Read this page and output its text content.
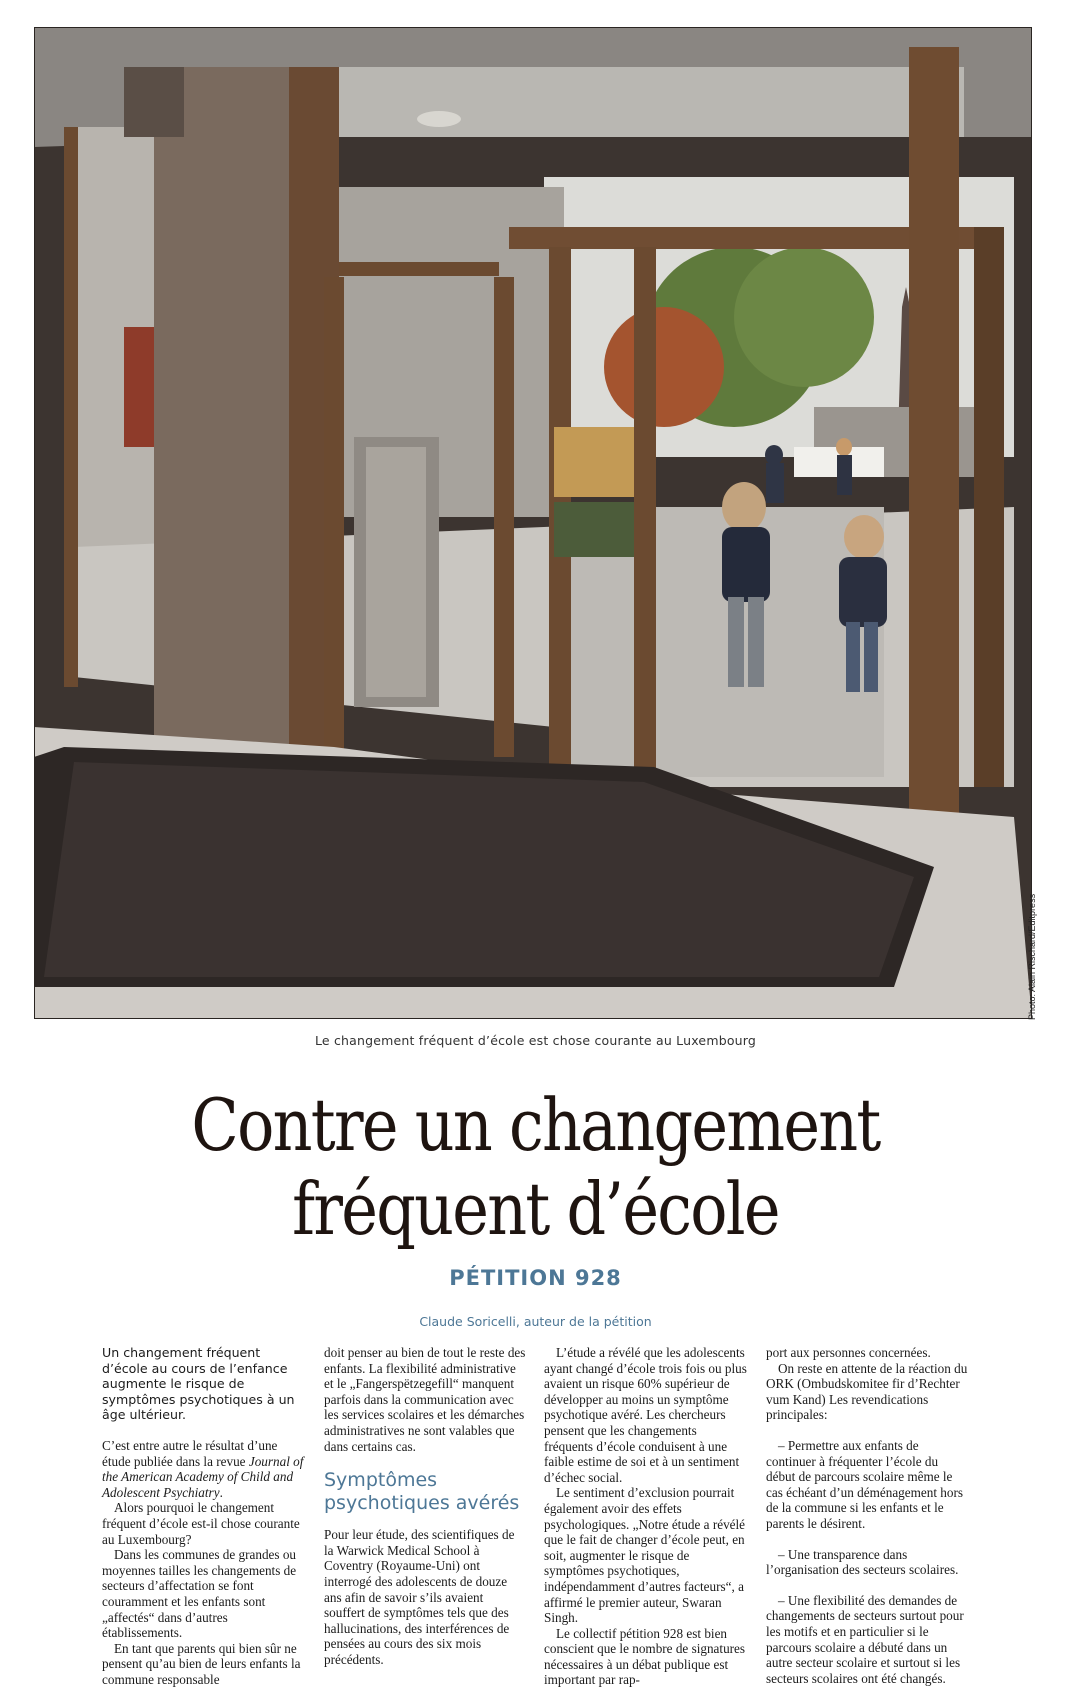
Photo: Alain Rischard/Editpress
Le changement fréquent d’école est chose courante au Luxembourg
Contre un changement
fréquent d’école
PÉTITION 928
Claude Soricelli, auteur de la pétition

Un changement fréquent d’école au cours de l’enfance augmente le risque de symptômes psychotiques à un âge ultérieur.

C’est entre autre le résultat d’une étude publiée dans la revue Journal of the American Academy of Child and Adolescent Psychiatry.

Alors pourquoi le changement fréquent d’école est-il chose courante au Luxembourg?

Dans les communes de grandes ou moyennes tailles les changements de secteurs d’affectation se font couramment et les enfants sont „affectés“ dans d’autres établissements.

En tant que parents qui bien sûr ne pensent qu’au bien de leurs enfants la commune responsable

doit penser au bien de tout le reste des enfants. La flexibilité administrative et le „Fangerspëtzegefill“ manquent parfois dans la communication avec les services scolaires et les démarches administratives ne sont valables que dans certains cas.

Symptômes psychotiques avérés

Pour leur étude, des scientifiques de la Warwick Medical School à Coventry (Royaume-Uni) ont interrogé des adolescents de douze ans afin de savoir s’ils avaient souffert de symptômes tels que des hallucinations, des interférences de pensées au cours des six mois précédents.

L’étude a révélé que les adolescents ayant changé d’école trois fois ou plus avaient un risque 60% supérieur de développer au moins un symptôme psychotique avéré. Les chercheurs pensent que les changements fréquents d’école conduisent à une faible estime de soi et à un sentiment d’échec social.

Le sentiment d’exclusion pourrait également avoir des effets psychologiques. „Notre étude a révélé que le fait de changer d’école peut, en soit, augmenter le risque de symptômes psychotiques, indépendamment d’autres facteurs“, a affirmé le premier auteur, Swaran Singh.

Le collectif pétition 928 est bien conscient que le nombre de signatures nécessaires à un débat publique est important par rap-

port aux personnes concernées.

On reste en attente de la réaction du ORK (Ombudskomitee fir d’Rechter vum Kand) Les revendications principales:

– Permettre aux enfants de continuer à fréquenter l’école du début de parcours scolaire même le cas échéant d’un déménagement hors de la commune si les enfants et le parents le désirent.

– Une transparence dans l’organisation des secteurs scolaires.

– Une flexibilité des demandes de changements de secteurs surtout pour les motifs et en particulier si le parcours scolaire a débuté dans un autre secteur scolaire et surtout si les secteurs scolaires ont été changés.
